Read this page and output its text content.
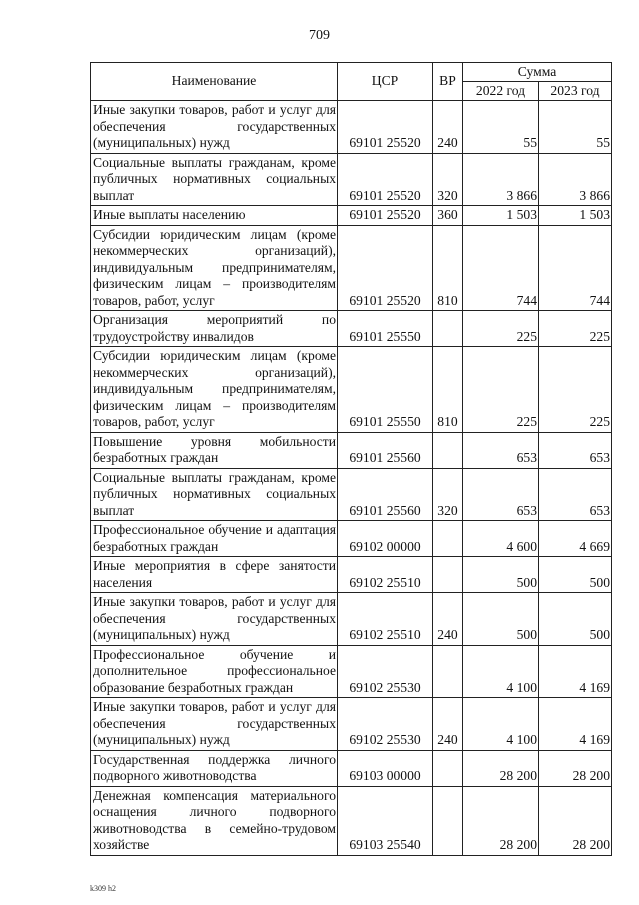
709
Наименование	ЦСР	ВР	Сумма	
			2022 год	2023 год
Иные закупки товаров, работ и услуг для обеспечения государственных (муниципальных) нужд	69101 25520	240	55	55
Социальные выплаты гражданам, кроме публичных нормативных социальных выплат	69101 25520	320	3 866	3 866
Иные выплаты населению	69101 25520	360	1 503	1 503
Субсидии юридическим лицам (кроме некоммерческих организаций), индивидуальным предпринимателям, физическим лицам – производителям товаров, работ, услуг	69101 25520	810	744	744
Организация мероприятий по трудоустройству инвалидов	69101 25550		225	225
Субсидии юридическим лицам (кроме некоммерческих организаций), индивидуальным предпринимателям, физическим лицам – производителям товаров, работ, услуг	69101 25550	810	225	225
Повышение уровня мобильности безработных граждан	69101 25560		653	653
Социальные выплаты гражданам, кроме публичных нормативных социальных выплат	69101 25560	320	653	653
Профессиональное обучение и адаптация безработных граждан	69102 00000		4 600	4 669
Иные мероприятия в сфере занятости населения	69102 25510		500	500
Иные закупки товаров, работ и услуг для обеспечения государственных (муниципальных) нужд	69102 25510	240	500	500
Профессиональное обучение и дополнительное профессиональное образование безработных граждан	69102 25530		4 100	4 169
Иные закупки товаров, работ и услуг для обеспечения государственных (муниципальных) нужд	69102 25530	240	4 100	4 169
Государственная поддержка личного подворного животноводства	69103 00000		28 200	28 200
Денежная компенсация материального оснащения личного подворного животноводства в семейно-трудовом хозяйстве	69103 25540		28 200	28 200
k309 h2
